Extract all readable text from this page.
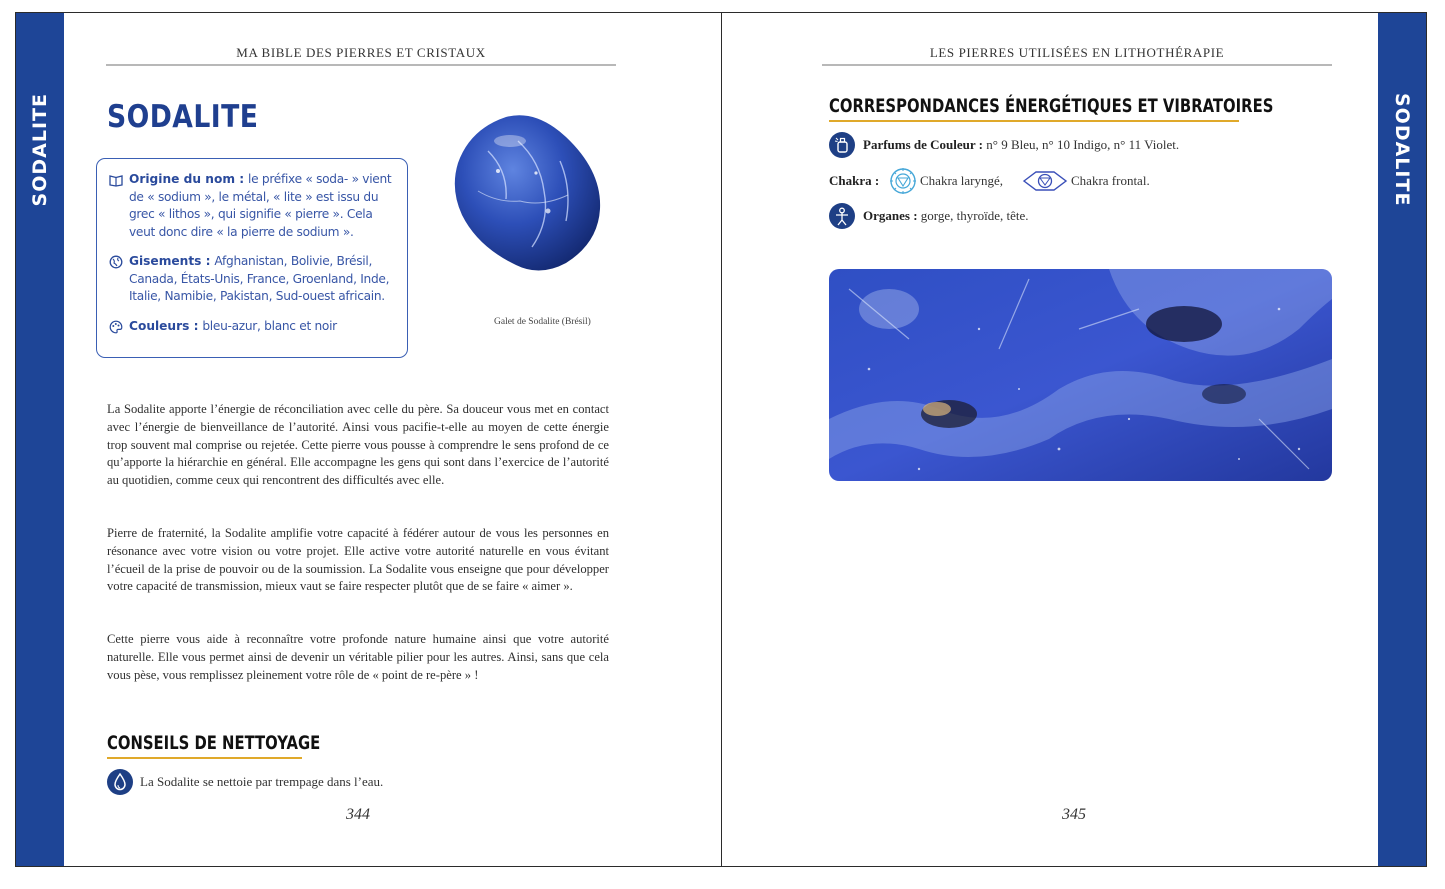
SODALITE	SODALITE
MA BIBLE DES PIERRES ET CRISTAUX
SODALITE
Origine du nom : le préfixe « soda- » vient
de « sodium », le métal, « lite » est issu du
grec « lithos », qui signifie « pierre ». Cela
veut donc dire « la pierre de sodium ».
Gisements : Afghanistan, Bolivie, Brésil,
Canada, États-Unis, France, Groenland, Inde,
Italie, Namibie, Pakistan, Sud-ouest africain.
Couleurs : bleu-azur, blanc et noir	Galet de Sodalite (Brésil)
La Sodalite apporte l’énergie de réconciliation avec celle du père. Sa douceur vous met en contact avec l’énergie de bienveillance de l’autorité. Ainsi vous pacifie-t-elle au moyen de cette énergie trop souvent mal comprise ou rejetée. Cette pierre vous pousse à comprendre le sens profond de ce qu’apporte la hiérarchie en général. Elle accompagne les gens qui sont dans l’exercice de l’autorité au quotidien, comme ceux qui rencontrent des difficultés avec elle.
Pierre de fraternité, la Sodalite amplifie votre capacité à fédérer autour de vous les personnes en résonance avec votre vision ou votre projet. Elle active votre autorité naturelle en vous évitant l’écueil de la prise de pouvoir ou de la soumission. La Sodalite vous enseigne que pour développer votre capacité de transmission, mieux vaut se faire respecter plutôt que de se faire « aimer ».
Cette pierre vous aide à reconnaître votre profonde nature humaine ainsi que votre autorité naturelle. Elle vous permet ainsi de devenir un véritable pilier pour les autres. Ainsi, sans que cela vous pèse, vous remplissez pleinement votre rôle de « point de re-père » !
CONSEILS DE NETTOYAGE
La Sodalite se nettoie par trempage dans l’eau.
344
LES PIERRES UTILISÉES EN LITHOTHÉRAPIE
CORRESPONDANCES ÉNERGÉTIQUES ET VIBRATOIRES
Parfums de Couleur : n° 9 Bleu, n° 10 Indigo, n° 11 Violet.
Chakra :	Chakra laryngé,	Chakra frontal.
Organes : gorge, thyroïde, tête.
345
